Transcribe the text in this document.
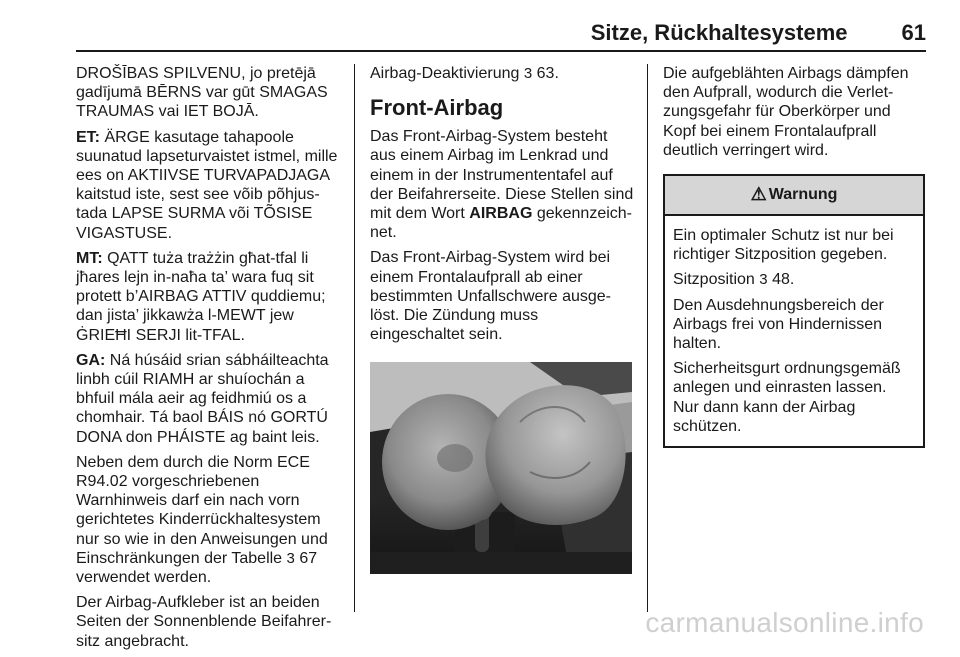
Sitze, Rückhaltesysteme 61

DROŠĪBAS SPILVENU, jo pretējā gadījumā BĒRNS var gūt SMAGAS TRAUMAS vai IET BOJĀ.

ET: ÄRGE kasutage tahapoole suunatud lapseturvaistet istmel, mille ees on AKTIIVSE TURVAPADJAGA kaitstud iste, sest see võib põhjus-tada LAPSE SURMA või TÕSISE VIGASTUSE.

MT: QATT tuża trażżin għat-tfal li jħares lejn in-naħa ta’ wara fuq sit protett b’AIRBAG ATTIV quddiemu; dan jista’ jikkawża l-MEWT jew ĠRIEĦI SERJI lit-TFAL.

GA: Ná húsáid srian sábháilteachta linbh cúil RIAMH ar shuíochán a bhfuil mála aeir ag feidhmiú os a chomhair. Tá baol BÁIS nó GORTÚ DONA don PHÁISTE ag baint leis.

Neben dem durch die Norm ECE R94.02 vorgeschriebenen Warnhinweis darf ein nach vorn gerichtetes Kinderrückhaltesystem nur so wie in den Anweisungen und Einschränkungen der Tabelle 3 67 verwendet werden.

Der Airbag-Aufkleber ist an beiden Seiten der Sonnenblende Beifahrer-sitz angebracht.

Airbag-Deaktivierung 3 63.

Front-Airbag

Das Front-Airbag-System besteht aus einem Airbag im Lenkrad und einem in der Instrumententafel auf der Beifahrerseite. Diese Stellen sind mit dem Wort AIRBAG gekennzeich-net.

Das Front-Airbag-System wird bei einem Frontalaufprall ab einer bestimmten Unfallschwere ausge-löst. Die Zündung muss eingeschaltet sein.

Die aufgeblähten Airbags dämpfen den Aufprall, wodurch die Verlet-zungsgefahr für Oberkörper und Kopf bei einem Frontalaufprall deutlich verringert wird.

⚠ Warnung

Ein optimaler Schutz ist nur bei richtiger Sitzposition gegeben.

Sitzposition 3 48.

Den Ausdehnungsbereich der Airbags frei von Hindernissen halten.

Sicherheitsgurt ordnungsgemäß anlegen und einrasten lassen. Nur dann kann der Airbag schützen.

carmanualsonline.info
